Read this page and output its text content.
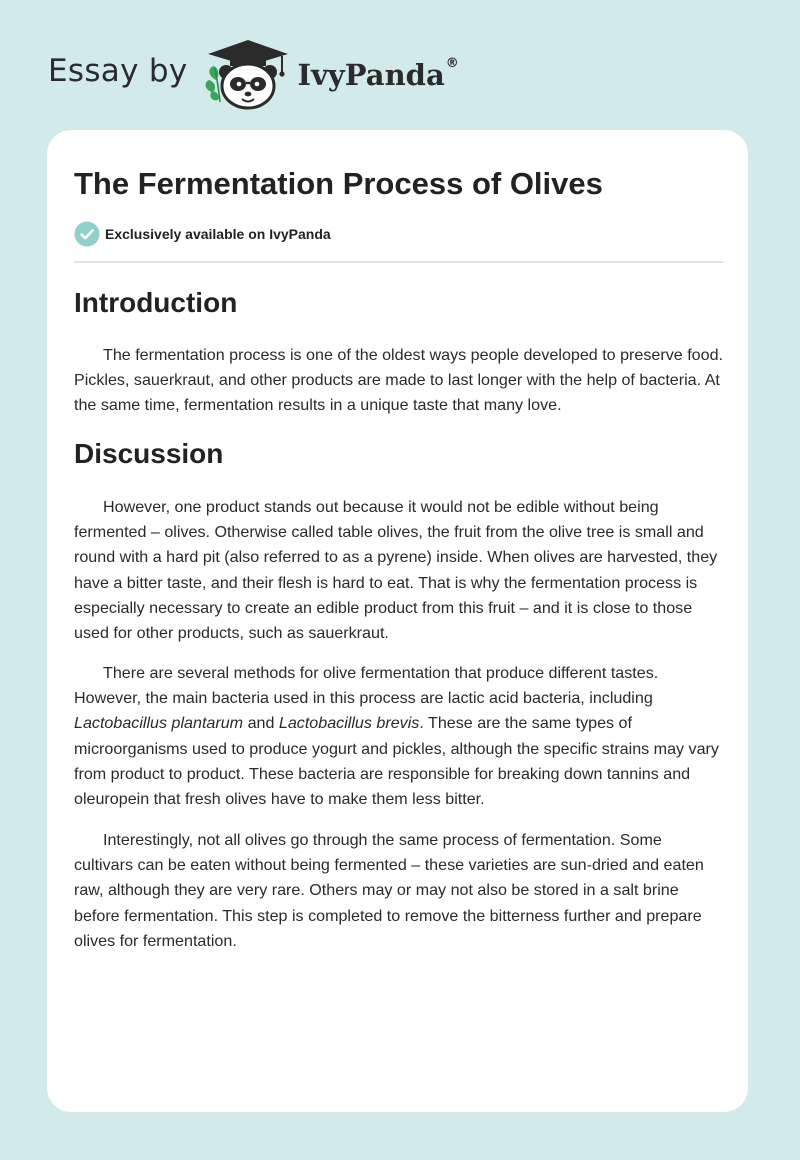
Essay by	IvyPanda®
The Fermentation Process of Olives
Exclusively available on IvyPanda
Introduction

The fermentation process is one of the oldest ways people developed to preserve food. Pickles, sauerkraut, and other products are made to last longer with the help of bacteria. At the same time, fermentation results in a unique taste that many love.

Discussion

However, one product stands out because it would not be edible without being fermented – olives. Otherwise called table olives, the fruit from the olive tree is small and round with a hard pit (also referred to as a pyrene) inside. When olives are harvested, they have a bitter taste, and their flesh is hard to eat. That is why the fermentation process is especially necessary to create an edible product from this fruit – and it is close to those used for other products, such as sauerkraut.

There are several methods for olive fermentation that produce different tastes. However, the main bacteria used in this process are lactic acid bacteria, including Lactobacillus plantarum and Lactobacillus brevis. These are the same types of microorganisms used to produce yogurt and pickles, although the specific strains may vary from product to product. These bacteria are responsible for breaking down tannins and oleuropein that fresh olives have to make them less bitter.

Interestingly, not all olives go through the same process of fermentation. Some cultivars can be eaten without being fermented – these varieties are sun-dried and eaten raw, although they are very rare. Others may or may not also be stored in a salt brine before fermentation. This step is completed to remove the bitterness further and prepare olives for fermentation.
